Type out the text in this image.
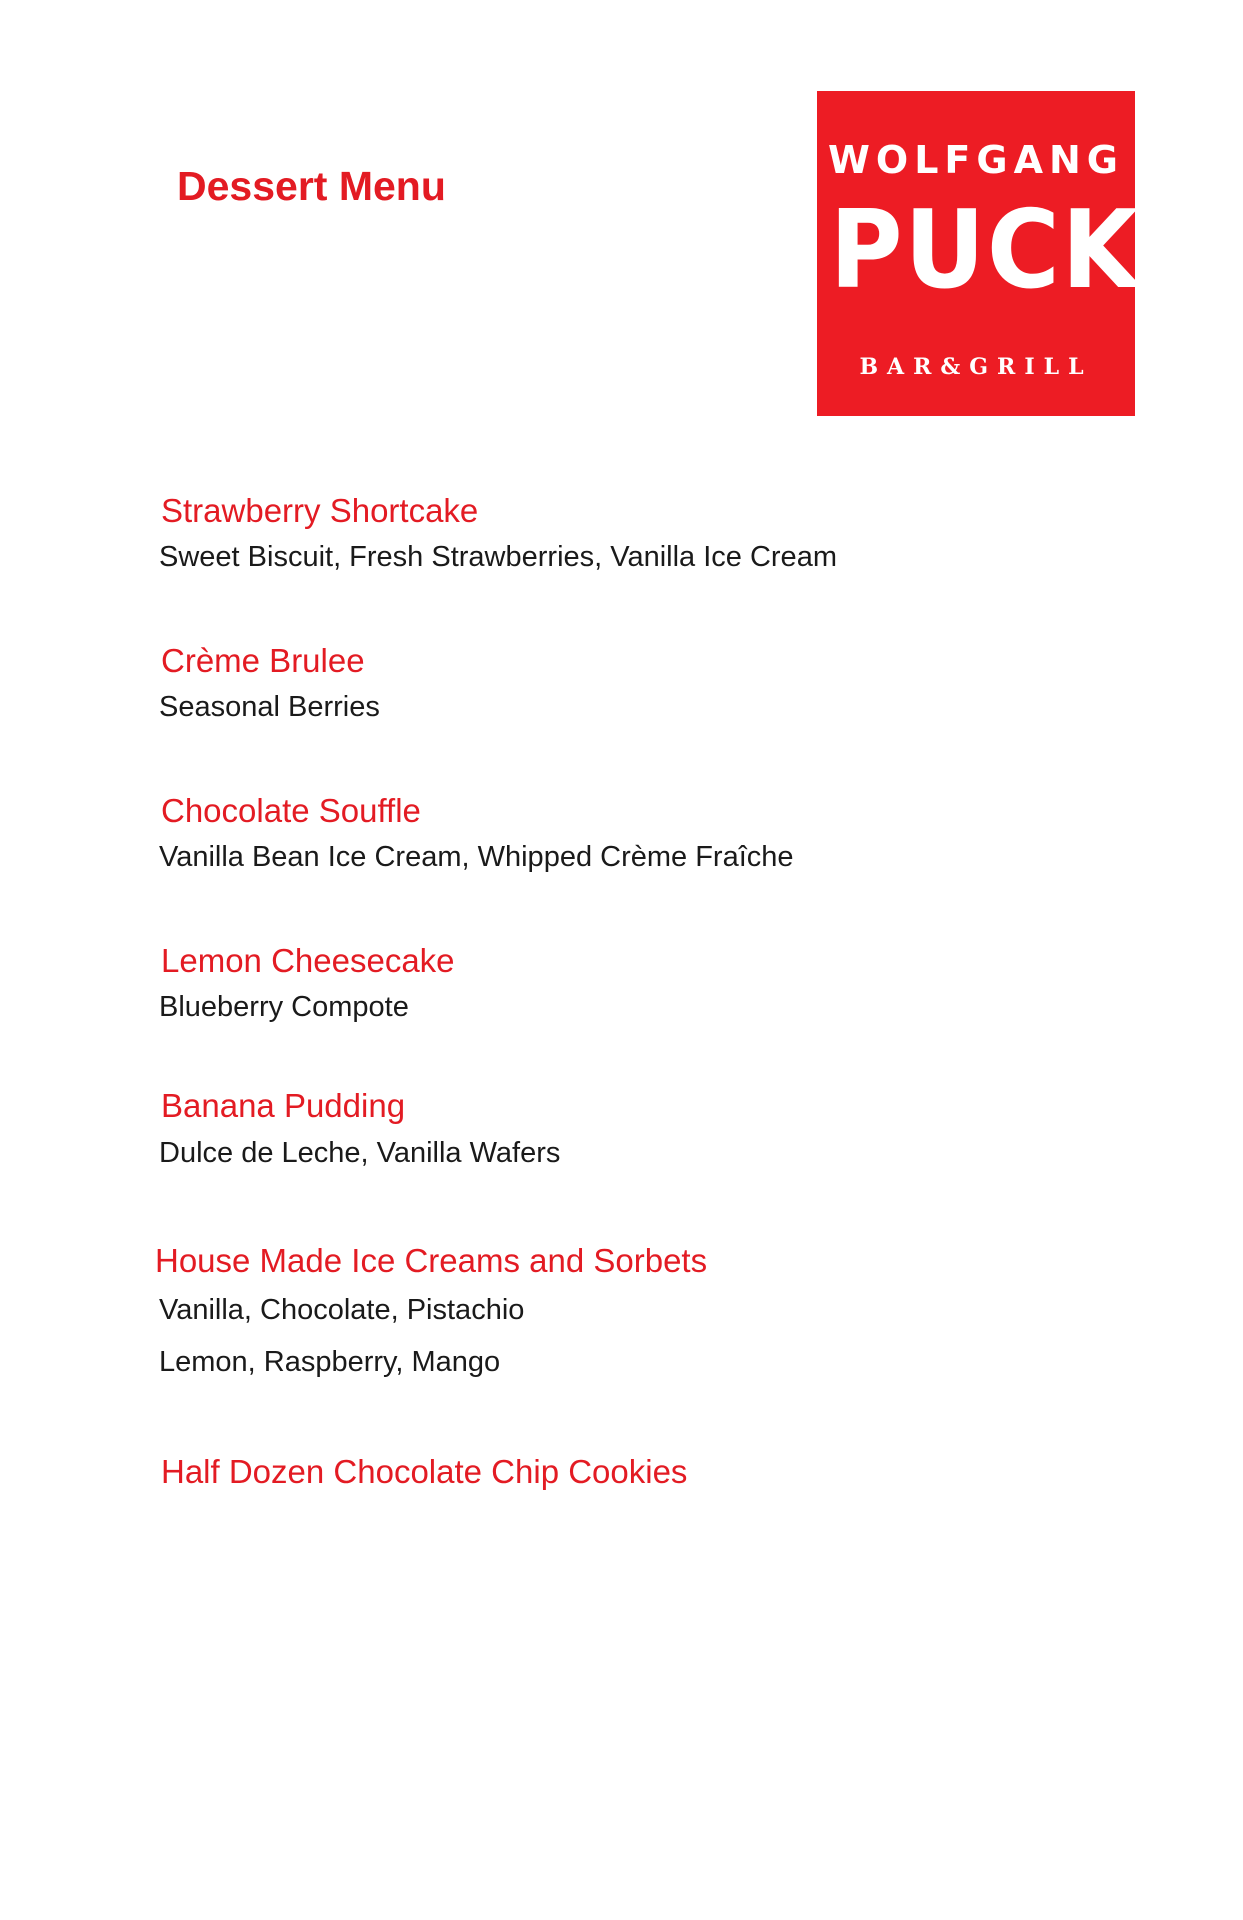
Dessert Menu
WOLFGANG
PUCK
BAR&GRILL
Strawberry Shortcake

Sweet Biscuit, Fresh Strawberries, Vanilla Ice Cream

Crème Brulee

Seasonal Berries

Chocolate Souffle

Vanilla Bean Ice Cream, Whipped Crème Fraîche

Lemon Cheesecake

Blueberry Compote

Banana Pudding

Dulce de Leche, Vanilla Wafers

House Made Ice Creams and Sorbets

Vanilla, Chocolate, Pistachio

Lemon, Raspberry, Mango

Half Dozen Chocolate Chip Cookies
